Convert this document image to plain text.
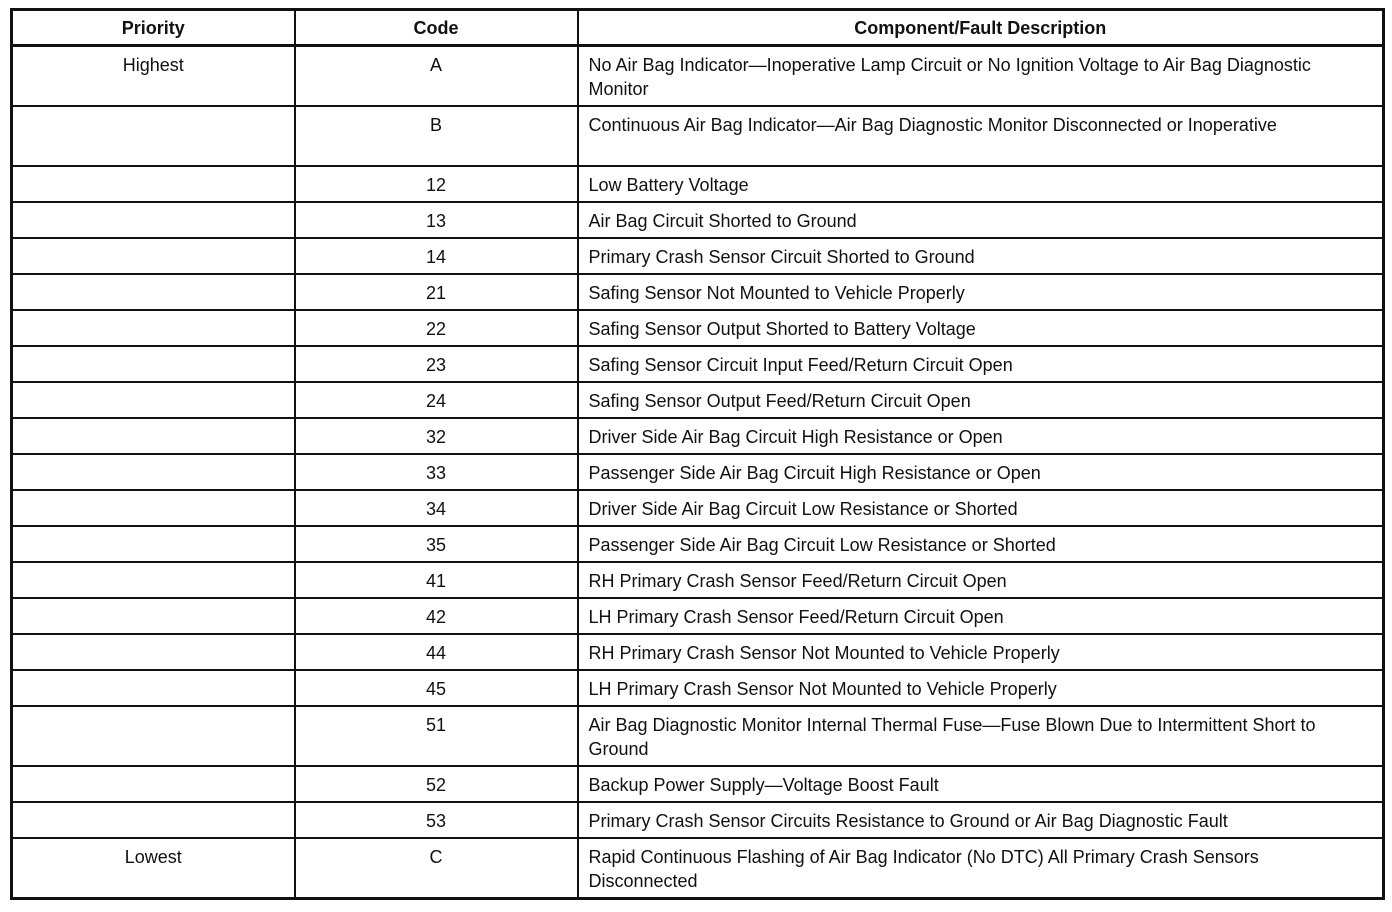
Priority	Code	Component/Fault Description
Highest	A	No Air Bag Indicator—Inoperative Lamp Circuit or No Ignition Voltage to Air Bag Diagnostic Monitor
	B	Continuous Air Bag Indicator—Air Bag Diagnostic Monitor Disconnected or Inoperative
	12	Low Battery Voltage
	13	Air Bag Circuit Shorted to Ground
	14	Primary Crash Sensor Circuit Shorted to Ground
	21	Safing Sensor Not Mounted to Vehicle Properly
	22	Safing Sensor Output Shorted to Battery Voltage
	23	Safing Sensor Circuit Input Feed/Return Circuit Open
	24	Safing Sensor Output Feed/Return Circuit Open
	32	Driver Side Air Bag Circuit High Resistance or Open
	33	Passenger Side Air Bag Circuit High Resistance or Open
	34	Driver Side Air Bag Circuit Low Resistance or Shorted
	35	Passenger Side Air Bag Circuit Low Resistance or Shorted
	41	RH Primary Crash Sensor Feed/Return Circuit Open
	42	LH Primary Crash Sensor Feed/Return Circuit Open
	44	RH Primary Crash Sensor Not Mounted to Vehicle Properly
	45	LH Primary Crash Sensor Not Mounted to Vehicle Properly
	51	Air Bag Diagnostic Monitor Internal Thermal Fuse—Fuse Blown Due to Intermittent Short to Ground
	52	Backup Power Supply—Voltage Boost Fault
	53	Primary Crash Sensor Circuits Resistance to Ground or Air Bag Diagnostic Fault
Lowest	C	Rapid Continuous Flashing of Air Bag Indicator (No DTC) All Primary Crash Sensors Disconnected
